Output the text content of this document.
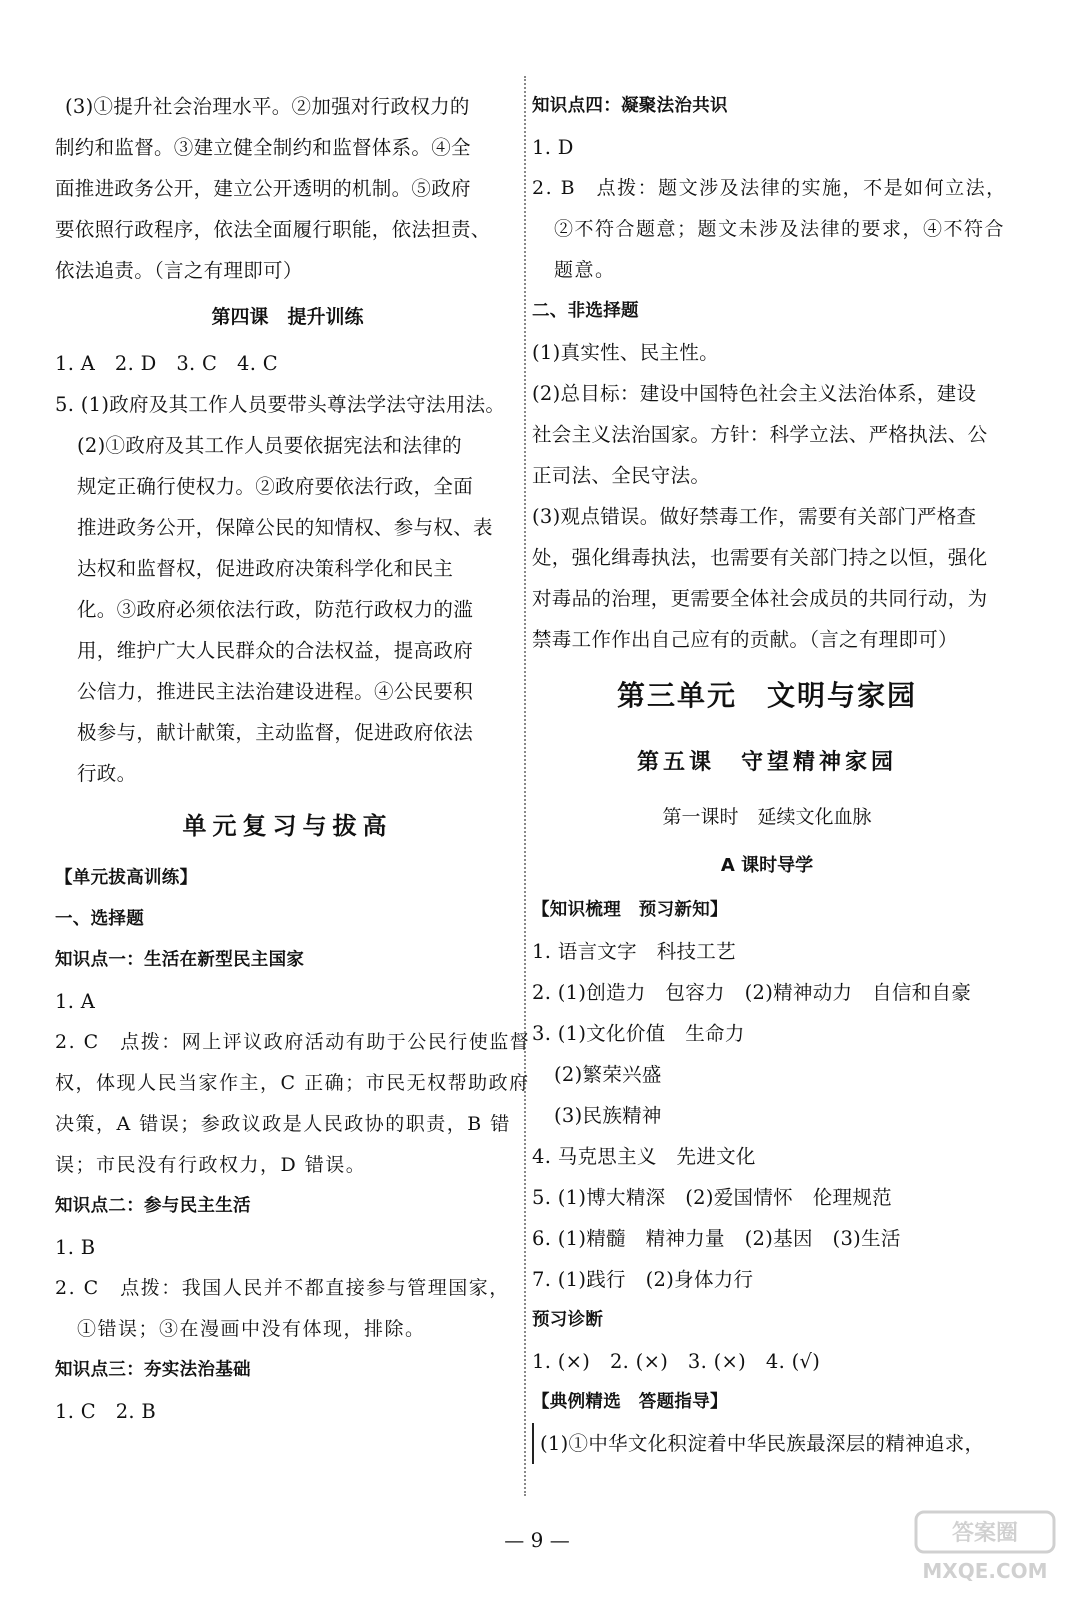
(3)①提升社会治理水平。②加强对行政权力的
制约和监督。③建立健全制约和监督体系。④全
面推进政务公开，建立公开透明的机制。⑤政府
要依照行政程序，依法全面履行职能，依法担责、
依法追责。（言之有理即可）
第四课　提升训练
1. A　2. D　3. C　4. C
5. (1)政府及其工作人员要带头尊法学法守法用法。
(2)①政府及其工作人员要依据宪法和法律的
规定正确行使权力。②政府要依法行政，全面
推进政务公开，保障公民的知情权、参与权、表
达权和监督权，促进政府决策科学化和民主
化。③政府必须依法行政，防范行政权力的滥
用，维护广大人民群众的合法权益，提高政府
公信力，推进民主法治建设进程。④公民要积
极参与，献计献策，主动监督，促进政府依法
行政。
单元复习与拔高
【单元拔高训练】
一、选择题
知识点一：生活在新型民主国家
1. A
2. C　点拨：网上评议政府活动有助于公民行使监督
权，体现人民当家作主，C 正确；市民无权帮助政府
决策，A 错误；参政议政是人民政协的职责，B 错
误；市民没有行政权力，D 错误。
知识点二：参与民主生活
1. B
2. C　点拨：我国人民并不都直接参与管理国家，
①错误；③在漫画中没有体现，排除。
知识点三：夯实法治基础
1. C　2. B
知识点四：凝聚法治共识
1. D
2. B　点拨：题文涉及法律的实施，不是如何立法，
②不符合题意；题文未涉及法律的要求，④不符合
题意。
二、非选择题
(1)真实性、民主性。
(2)总目标：建设中国特色社会主义法治体系，建设
社会主义法治国家。方针：科学立法、严格执法、公
正司法、全民守法。
(3)观点错误。做好禁毒工作，需要有关部门严格查
处，强化缉毒执法，也需要有关部门持之以恒，强化
对毒品的治理，更需要全体社会成员的共同行动，为
禁毒工作作出自己应有的贡献。（言之有理即可）
第三单元　文明与家园
第五课　守望精神家园
第一课时　延续文化血脉
A 课时导学
【知识梳理　预习新知】
1. 语言文字　科技工艺
2. (1)创造力　包容力　(2)精神动力　自信和自豪
3. (1)文化价值　生命力
(2)繁荣兴盛
(3)民族精神
4. 马克思主义　先进文化
5. (1)博大精深　(2)爱国情怀　伦理规范
6. (1)精髓　精神力量　(2)基因　(3)生活
7. (1)践行　(2)身体力行
预习诊断
1. (×)　2. (×)　3. (×)　4. (√)
【典例精选　答题指导】
(1)①中华文化积淀着中华民族最深层的精神追求，
— 9 —	答案圈
MXQE.COM
